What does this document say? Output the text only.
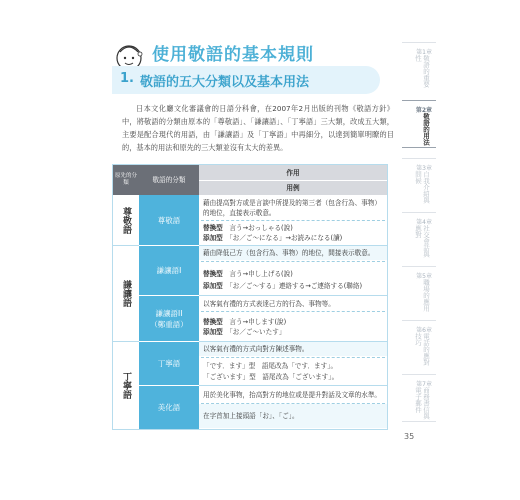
使用敬語的基本規則
1. 敬語的五大分類以及基本用法

日本文化廳文化審議會的日語分科會，在2007年2月出版的刊物《敬語方針》中，將敬語的分類由原本的「尊敬語」、「謙讓語」、「丁寧語」三大類，改成五大類，主要是配合現代的用語，由「謙讓語」及「丁寧語」中再細分，以達到簡單明瞭的目的，基本的用法和原先的三大類並沒有太大的差異。

原先的分類	敬語的分類
作用
用例
尊敬語
謙讓語
丁寧語
尊敬語
謙讓語I
謙讓語II
（鄭重語）
丁寧語
美化語
藉由提高對方或是言談中所提及的第三者（包含行為、事物）的地位，直接表示敬意。
替換型　 言う→おっしゃる(說)
添加型　 「お／ご～になる」→お読みになる(讀)
藉由降低己方（包含行為、事物）的地位，間接表示敬意。
替換型　 言う→申し上げる(說)
添加型　 「お／ご～する」連絡する→ご連絡する(聯絡)
以客氣有禮的方式表達己方的行為、事物等。
替換型　 言う→申します(說)
添加型　 「お／ご～いたす」
以客氣有禮的方式向對方陳述事物。
「です．ます」型　語尾改為「です．ます」。
「ございます」型　語尾改為「ございます」。
用於美化事物，抬高對方的地位或是提升對話及文章的水準。
在字首加上接頭語「お」、「ご」。
第1章
敬語的重要性
第2章
敬語的用法
第3章
自我介紹與問候
第4章
社交會話與應對
第5章
職場的應用
第6章
電話的應對技巧
第7章
商務書信與電子郵件
35
